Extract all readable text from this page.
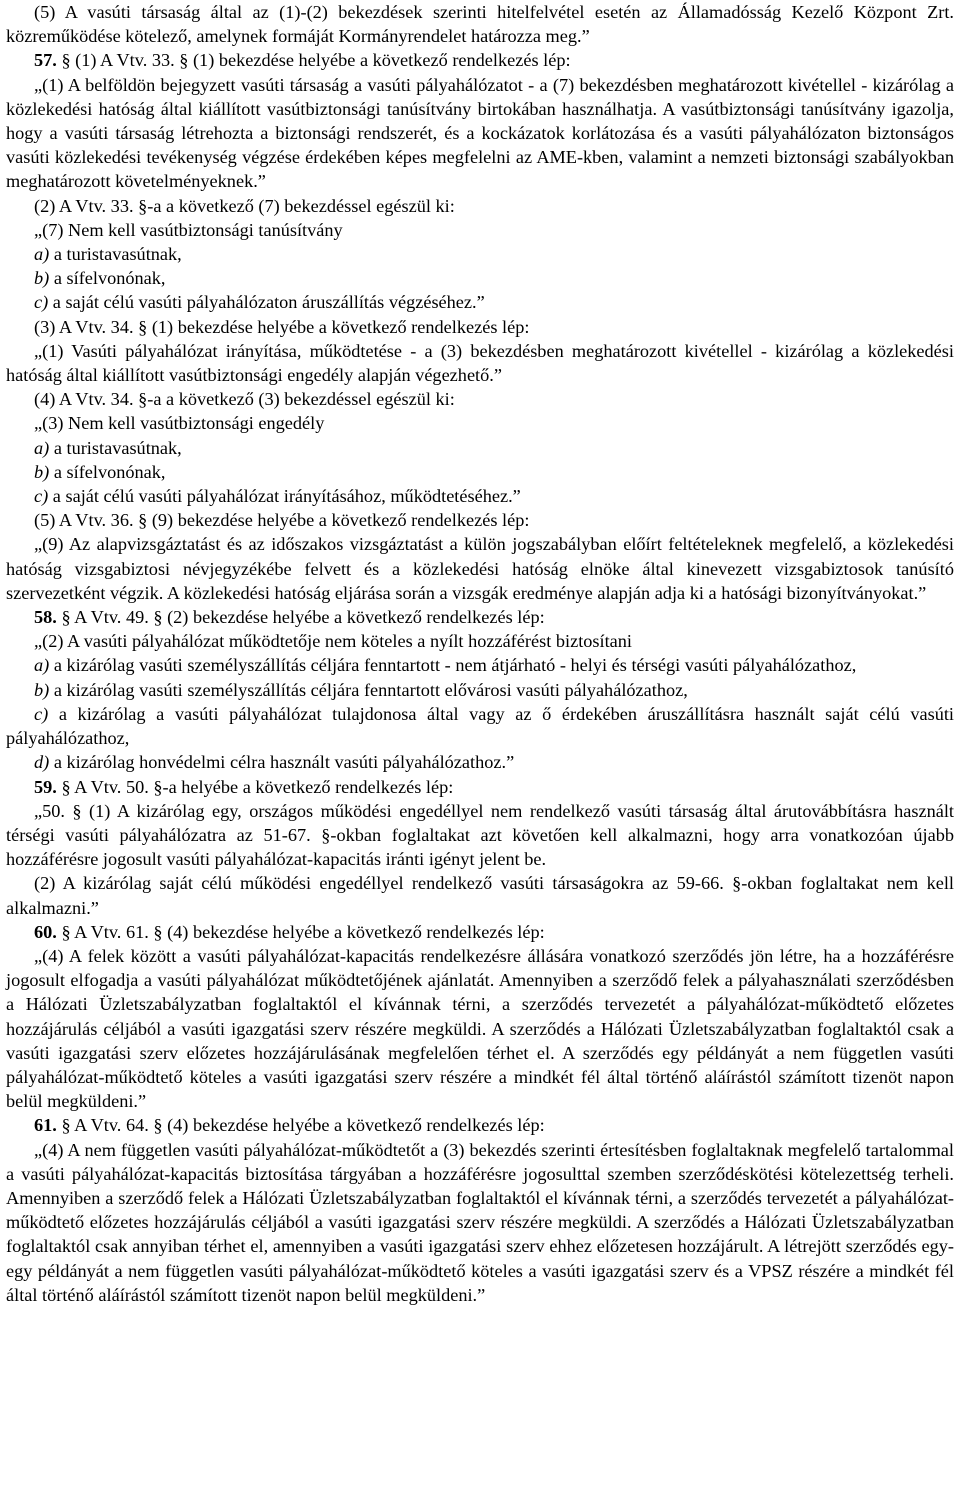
(5) A vasúti társaság által az (1)-(2) bekezdések szerinti hitelfelvétel esetén az Államadósság Kezelő Központ Zrt. közreműködése kötelező, amelynek formáját Kormányrendelet határozza meg.”

57. § (1) A Vtv. 33. § (1) bekezdése helyébe a következő rendelkezés lép:

„(1) A belföldön bejegyzett vasúti társaság a vasúti pályahálózatot - a (7) bekezdésben meghatározott kivétellel - kizárólag a közlekedési hatóság által kiállított vasútbiztonsági tanúsítvány birtokában használhatja. A vasútbiztonsági tanúsítvány igazolja, hogy a vasúti társaság létrehozta a biztonsági rendszerét, és a kockázatok korlátozása és a vasúti pályahálózaton biztonságos vasúti közlekedési tevékenység végzése érdekében képes megfelelni az AME-kben, valamint a nemzeti biztonsági szabályokban meghatározott követelményeknek.”

(2) A Vtv. 33. §-a a következő (7) bekezdéssel egészül ki:

„(7) Nem kell vasútbiztonsági tanúsítvány

a) a turistavasútnak,

b) a sífelvonónak,

c) a saját célú vasúti pályahálózaton áruszállítás végzéséhez.”

(3) A Vtv. 34. § (1) bekezdése helyébe a következő rendelkezés lép:

„(1) Vasúti pályahálózat irányítása, működtetése - a (3) bekezdésben meghatározott kivétellel - kizárólag a közlekedési hatóság által kiállított vasútbiztonsági engedély alapján végezhető.”

(4) A Vtv. 34. §-a a következő (3) bekezdéssel egészül ki:

„(3) Nem kell vasútbiztonsági engedély

a) a turistavasútnak,

b) a sífelvonónak,

c) a saját célú vasúti pályahálózat irányításához, működtetéséhez.”

(5) A Vtv. 36. § (9) bekezdése helyébe a következő rendelkezés lép:

„(9) Az alapvizsgáztatást és az időszakos vizsgáztatást a külön jogszabályban előírt feltételeknek megfelelő, a közlekedési hatóság vizsgabiztosi névjegyzékébe felvett és a közlekedési hatóság elnöke által kinevezett vizsgabiztosok tanúsító szervezetként végzik. A közlekedési hatóság eljárása során a vizsgák eredménye alapján adja ki a hatósági bizonyítványokat.”

58. § A Vtv. 49. § (2) bekezdése helyébe a következő rendelkezés lép:

„(2) A vasúti pályahálózat működtetője nem köteles a nyílt hozzáférést biztosítani

a) a kizárólag vasúti személyszállítás céljára fenntartott - nem átjárható - helyi és térségi vasúti pályahálózathoz,

b) a kizárólag vasúti személyszállítás céljára fenntartott elővárosi vasúti pályahálózathoz,

c) a kizárólag a vasúti pályahálózat tulajdonosa által vagy az ő érdekében áruszállításra használt saját célú vasúti pályahálózathoz,

d) a kizárólag honvédelmi célra használt vasúti pályahálózathoz.”

59. § A Vtv. 50. §-a helyébe a következő rendelkezés lép:

„50. § (1) A kizárólag egy, országos működési engedéllyel nem rendelkező vasúti társaság által árutovábbításra használt térségi vasúti pályahálózatra az 51-67. §-okban foglaltakat azt követően kell alkalmazni, hogy arra vonatkozóan újabb hozzáférésre jogosult vasúti pályahálózat-kapacitás iránti igényt jelent be.

(2) A kizárólag saját célú működési engedéllyel rendelkező vasúti társaságokra az 59-66. §-okban foglaltakat nem kell alkalmazni.”

60. § A Vtv. 61. § (4) bekezdése helyébe a következő rendelkezés lép:

„(4) A felek között a vasúti pályahálózat-kapacitás rendelkezésre állására vonatkozó szerződés jön létre, ha a hozzáférésre jogosult elfogadja a vasúti pályahálózat működtetőjének ajánlatát. Amennyiben a szerződő felek a pályahasználati szerződésben a Hálózati Üzletszabályzatban foglaltaktól el kívánnak térni, a szerződés tervezetét a pályahálózat-működtető előzetes hozzájárulás céljából a vasúti igazgatási szerv részére megküldi. A szerződés a Hálózati Üzletszabályzatban foglaltaktól csak a vasúti igazgatási szerv előzetes hozzájárulásának megfelelően térhet el. A szerződés egy példányát a nem független vasúti pályahálózat-működtető köteles a vasúti igazgatási szerv részére a mindkét fél által történő aláírástól számított tizenöt napon belül megküldeni.”

61. § A Vtv. 64. § (4) bekezdése helyébe a következő rendelkezés lép:

„(4) A nem független vasúti pályahálózat-működtetőt a (3) bekezdés szerinti értesítésben foglaltaknak megfelelő tartalommal a vasúti pályahálózat-kapacitás biztosítása tárgyában a hozzáférésre jogosulttal szemben szerződéskötési kötelezettség terheli. Amennyiben a szerződő felek a Hálózati Üzletszabályzatban foglaltaktól el kívánnak térni, a szerződés tervezetét a pályahálózat-működtető előzetes hozzájárulás céljából a vasúti igazgatási szerv részére megküldi. A szerződés a Hálózati Üzletszabályzatban foglaltaktól csak annyiban térhet el, amennyiben a vasúti igazgatási szerv ehhez előzetesen hozzájárult. A létrejött szerződés egy-egy példányát a nem független vasúti pályahálózat-működtető köteles a vasúti igazgatási szerv és a VPSZ részére a mindkét fél által történő aláírástól számított tizenöt napon belül megküldeni.”
